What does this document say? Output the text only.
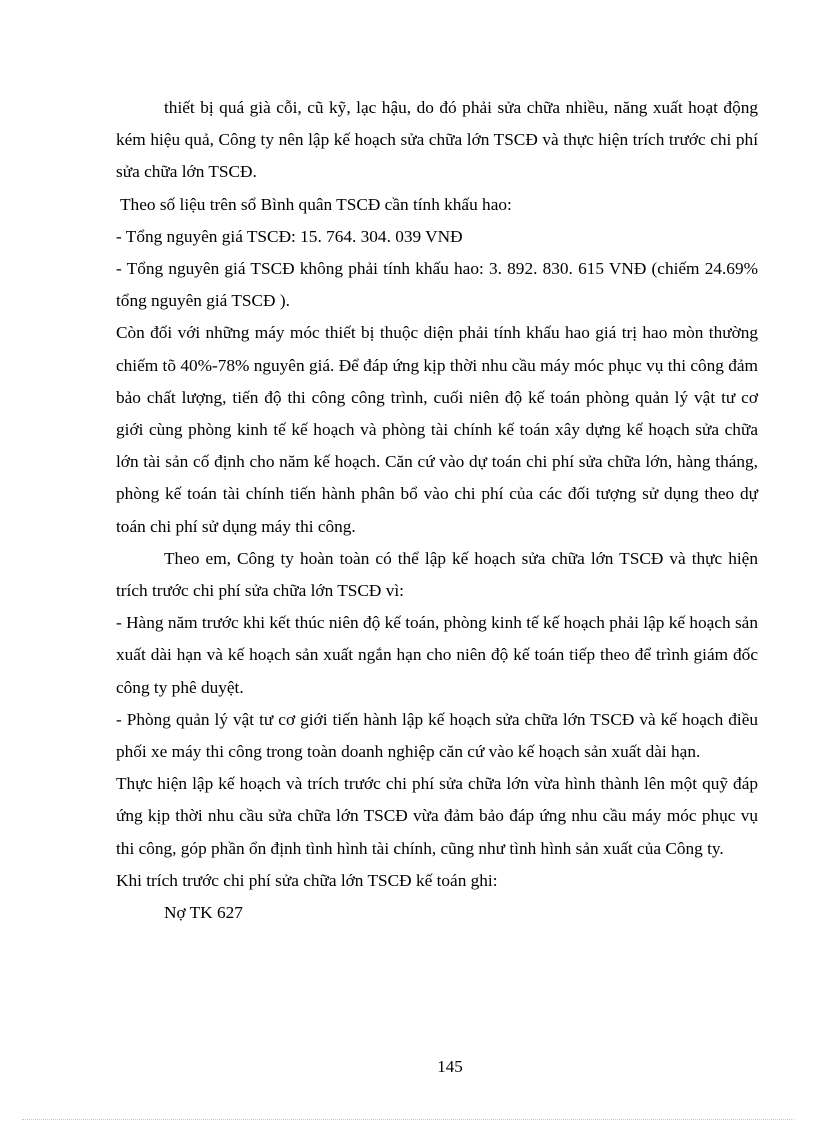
thiết bị quá già cỗi, cũ kỹ, lạc hậu, do đó phải sửa chữa nhiều, năng xuất hoạt động kém hiệu quả, Công ty nên lập kế hoạch sửa chữa lớn TSCĐ và thực hiện trích trước chi phí sửa chữa lớn TSCĐ.

Theo số liệu trên sổ Bình quân TSCĐ cần tính khấu hao:

- Tổng nguyên giá TSCĐ: 15. 764. 304. 039 VNĐ

- Tổng nguyên giá TSCĐ không phải tính khấu hao: 3. 892. 830. 615 VNĐ (chiếm 24.69% tổng nguyên giá TSCĐ ).

Còn đối với những máy móc thiết bị thuộc diện phải tính khấu hao giá trị hao mòn thường chiếm tõ 40%-78% nguyên giá. Để đáp ứng kịp thời nhu cầu máy móc phục vụ thi công đảm bảo chất lượng, tiến độ thi công công trình, cuối niên độ kế toán phòng quản lý vật tư cơ giới cùng phòng kinh tế kế hoạch và phòng tài chính kế toán xây dựng kế hoạch sửa chữa lớn tài sản cố định cho năm kế hoạch. Căn cứ vào dự toán chi phí sửa chữa lớn, hàng tháng, phòng kế toán tài chính tiến hành phân bổ vào chi phí của các đối tượng sử dụng theo dự toán chi phí sử dụng máy thi công.

Theo em, Công ty hoàn toàn có thể lập kế hoạch sửa chữa lớn TSCĐ và thực hiện trích trước chi phí sửa chữa lớn TSCĐ vì:

- Hàng năm trước khi kết thúc niên độ kế toán, phòng kinh tế kế hoạch phải lập kế hoạch sản xuất dài hạn và kế hoạch sản xuất ngắn hạn cho niên độ kế toán tiếp theo để trình giám đốc công ty phê duyệt.

- Phòng quản lý vật tư cơ giới tiến hành lập kế hoạch sửa chữa lớn TSCĐ và kế hoạch điều phối xe máy thi công trong toàn doanh nghiệp căn cứ vào kế hoạch sản xuất dài hạn.

Thực hiện lập kế hoạch và trích trước chi phí sửa chữa lớn vừa hình thành lên một quỹ đáp ứng kịp thời nhu cầu sửa chữa lớn TSCĐ vừa đảm bảo đáp ứng nhu cầu máy móc phục vụ thi công, góp phần ổn định tình hình tài chính, cũng như tình hình sản xuất của Công ty.

Khi trích trước chi phí sửa chữa lớn TSCĐ kế toán ghi:

Nợ TK 627

145
